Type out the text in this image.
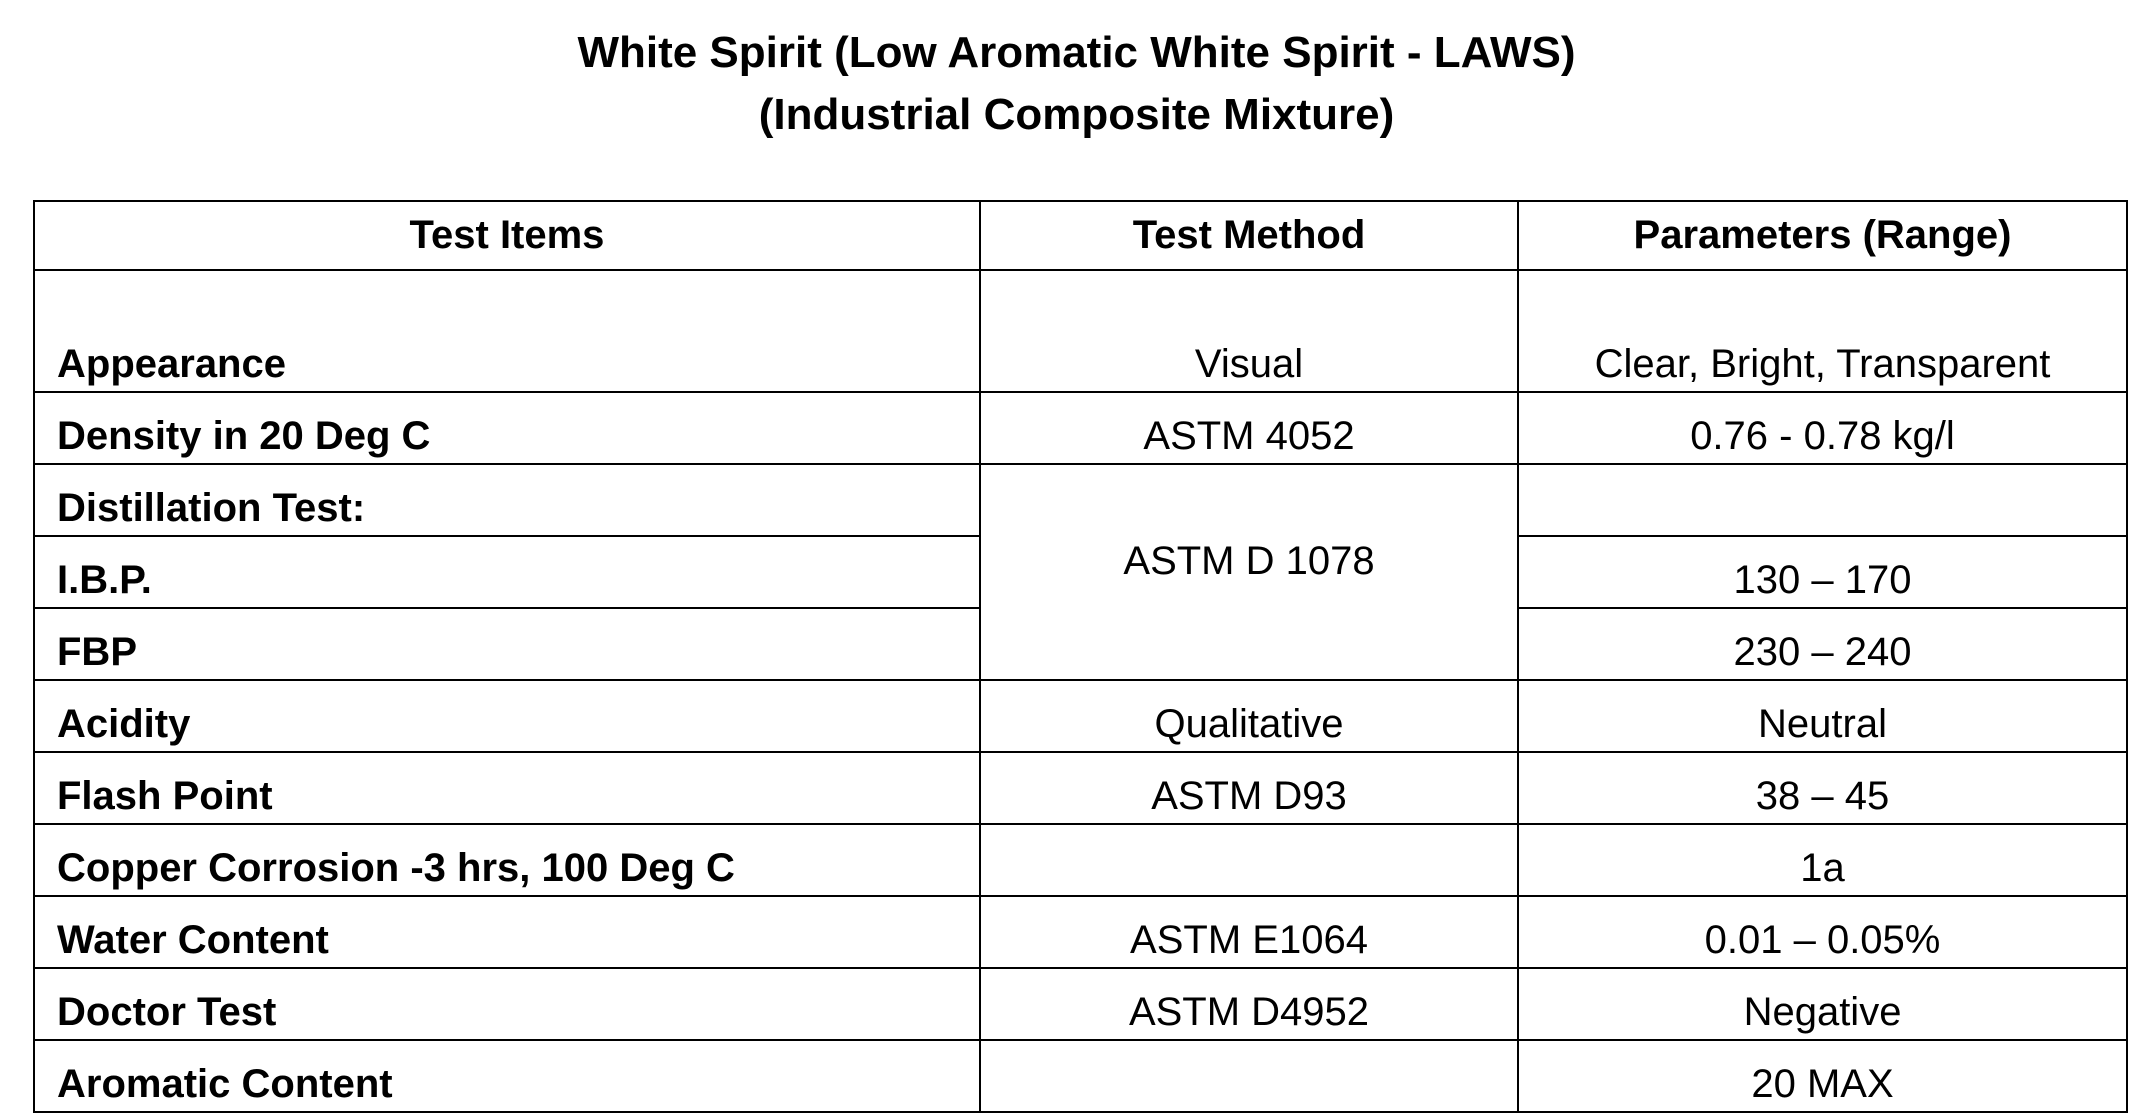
White Spirit (Low Aromatic White Spirit - LAWS)
(Industrial Composite Mixture)
Test Items	Test Method	Parameters (Range)
Appearance	Visual	Clear, Bright, Transparent
Density in 20 Deg C	ASTM 4052	0.76 - 0.78 kg/l
Distillation Test:	ASTM D 1078	
I.B.P.		130 – 170
FBP		230 – 240
Acidity	Qualitative	Neutral
Flash Point	ASTM D93	38 – 45
Copper Corrosion -3 hrs, 100 Deg C		1a
Water Content	ASTM E1064	0.01 – 0.05%
Doctor Test	ASTM D4952	Negative
Aromatic Content		20 MAX
